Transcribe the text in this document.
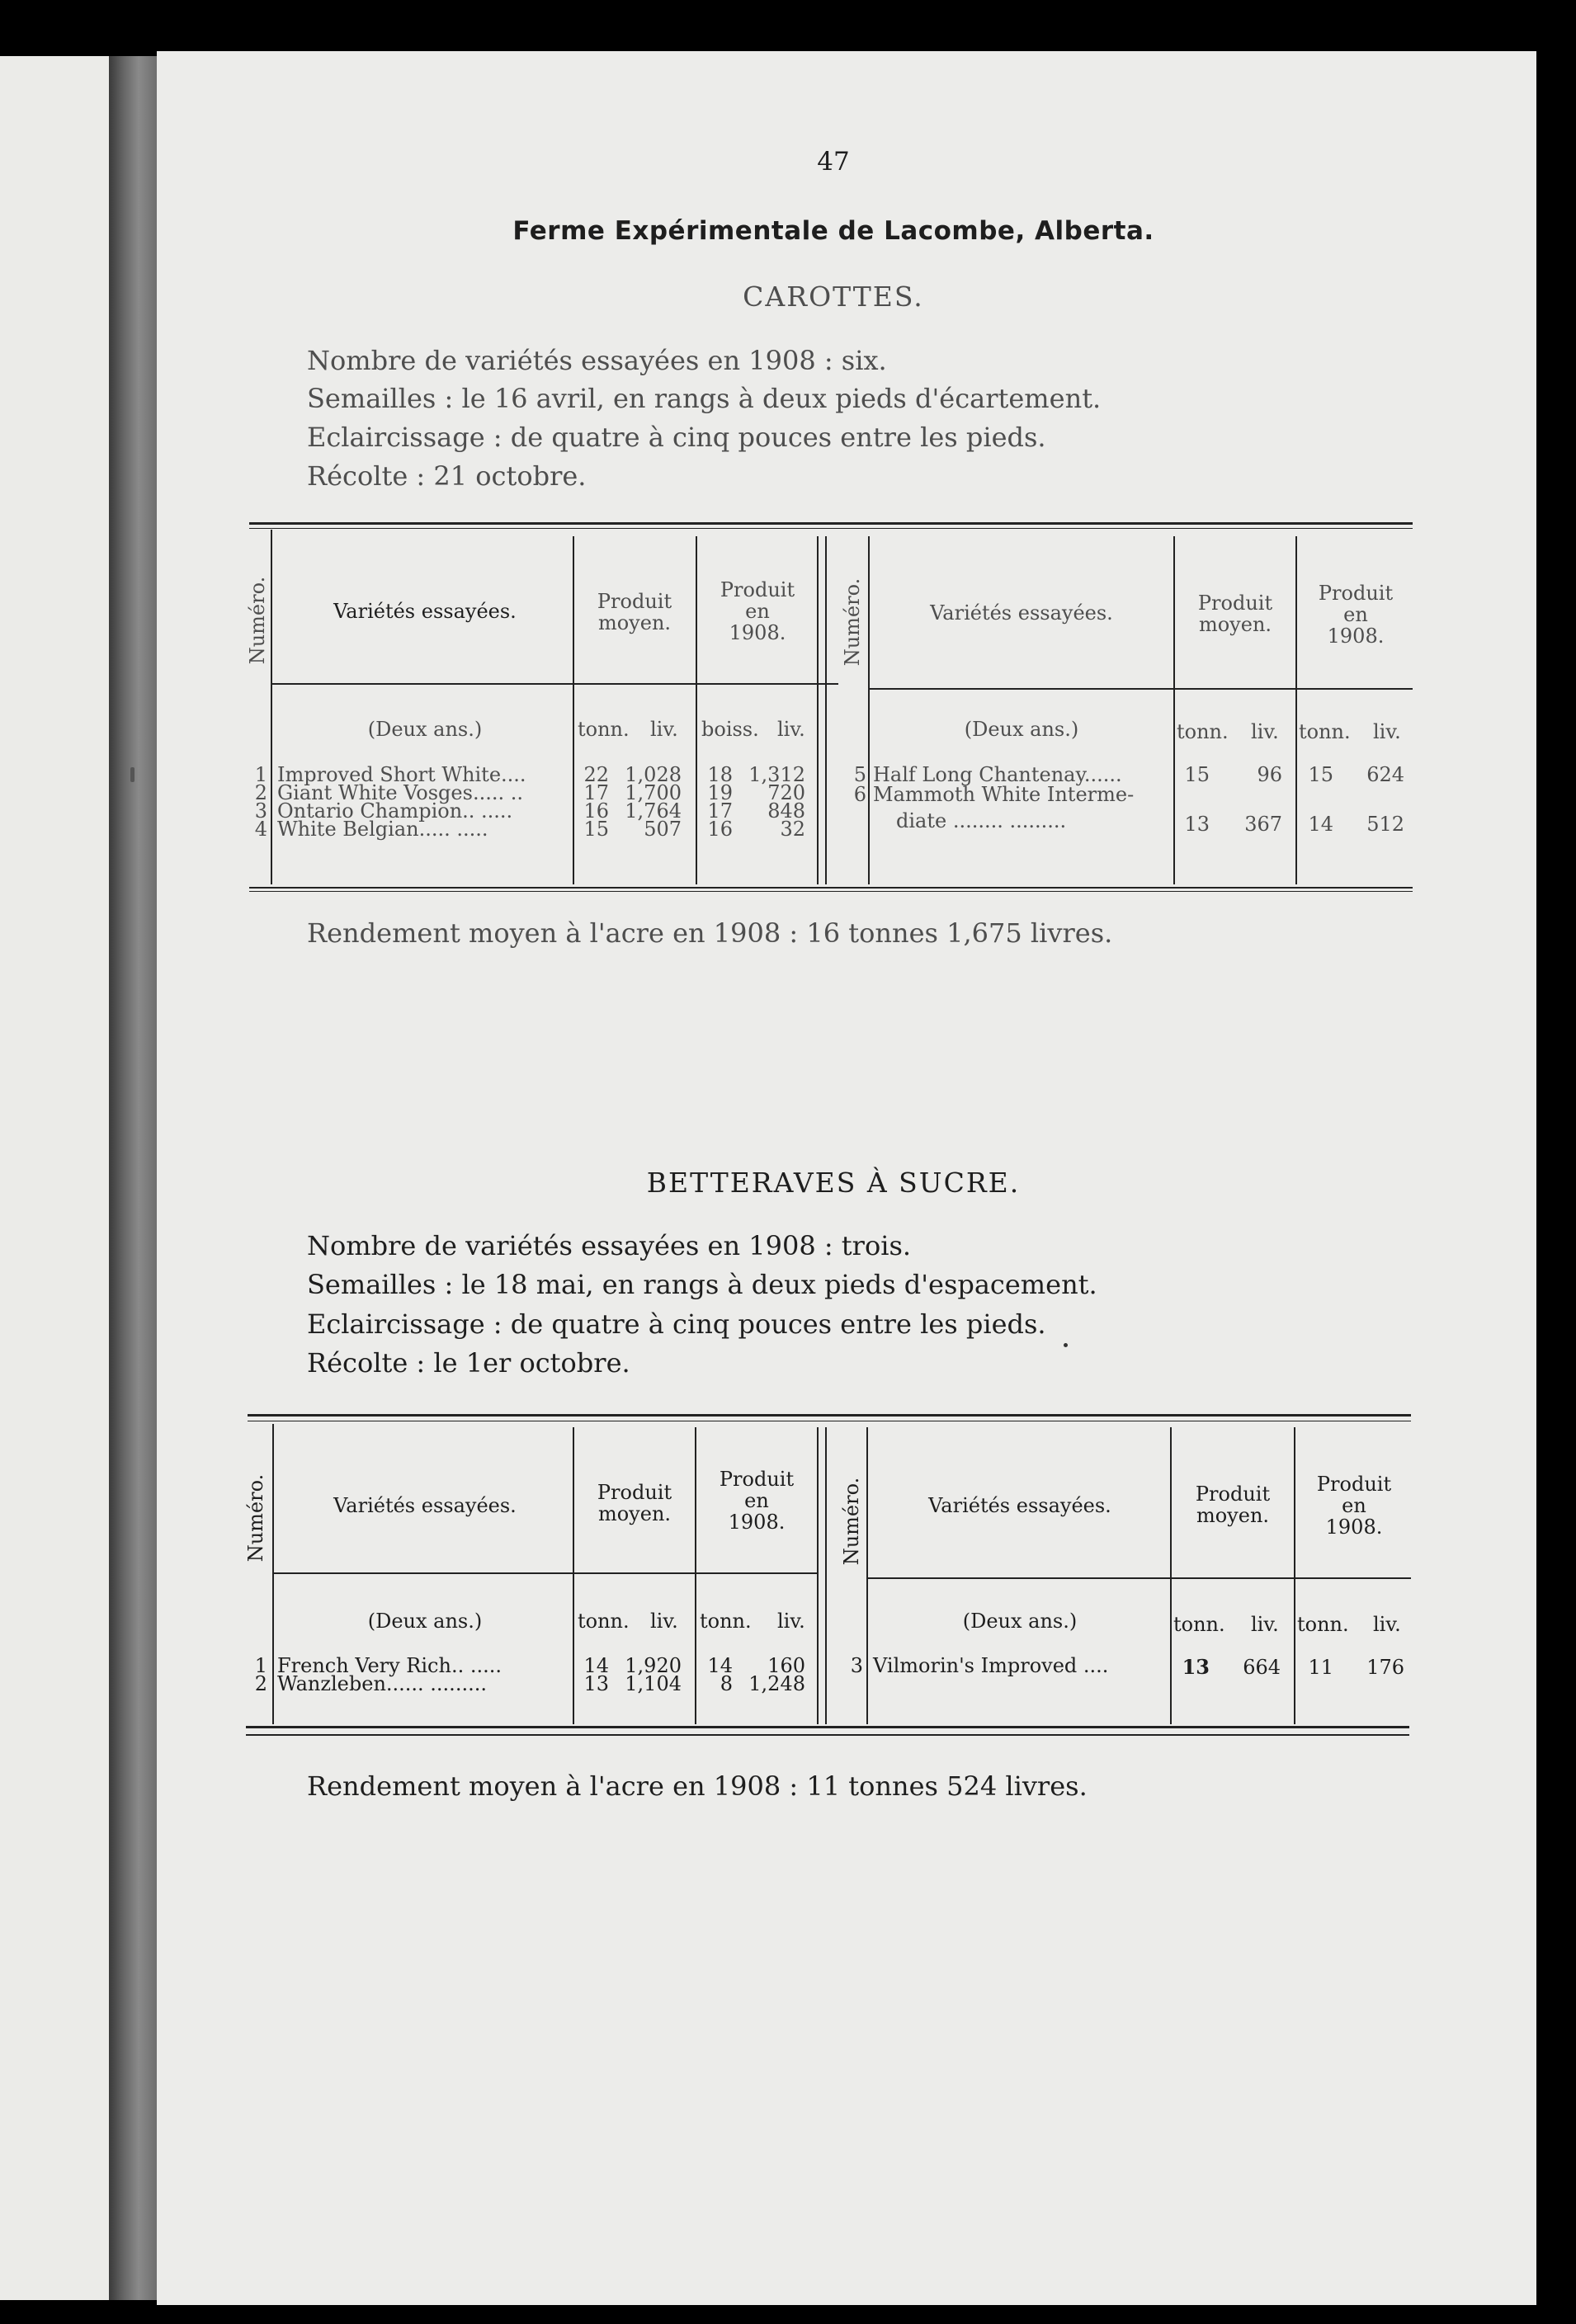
47
Ferme Expérimentale de Lacombe, Alberta.
CAROTTES.
Nombre de variétés essayées en 1908 : six.
Semailles : le 16 avril, en rangs à deux pieds d'écartement.
Eclaircissage : de quatre à cinq pouces entre les pieds.
Récolte : 21 octobre.
Numéro.	Variétés essayées.	Produit
moyen.
Produit
en
1908.	Numéro.	Variétés essayées.	Produit
moyen.
Produit
en
1908.
(Deux ans.)	tonn. liv. boiss. liv.	(Deux ans.)	tonn. liv. tonn. liv.
1 Improved Short White....	22 1,028	18 1,312
2 Giant White Vosges..... ..	17 1,700	19	720
3 Ontario Champion.. .....	16 1,764	17	848
4 White Belgian..... .....	15	507	16	32
5 Half Long Chantenay......	15	96	15	624
6 Mammoth White Interme-
diate ........ .........	13	367	14	512
Rendement moyen à l'acre en 1908 : 16 tonnes 1,675 livres.
BETTERAVES À SUCRE.
Nombre de variétés essayées en 1908 : trois.
Semailles : le 18 mai, en rangs à deux pieds d'espacement.
Eclaircissage : de quatre à cinq pouces entre les pieds.
Récolte : le 1er octobre.
Numéro.	Variétés essayées.
Produit
moyen.
Produit
en
1908.	Numéro.	Variétés essayées.	Produit
moyen.
Produit
en
1908.
(Deux ans.)	tonn. liv. tonn. liv.	(Deux ans.)	tonn. liv. tonn. liv.
1 French Very Rich.. .....	14 1,920	14	160
2 Wanzleben...... .........	13 1,104	8 1,248
3 Vilmorin's Improved ....	13	664	11	176
Rendement moyen à l'acre en 1908 : 11 tonnes 524 livres.
